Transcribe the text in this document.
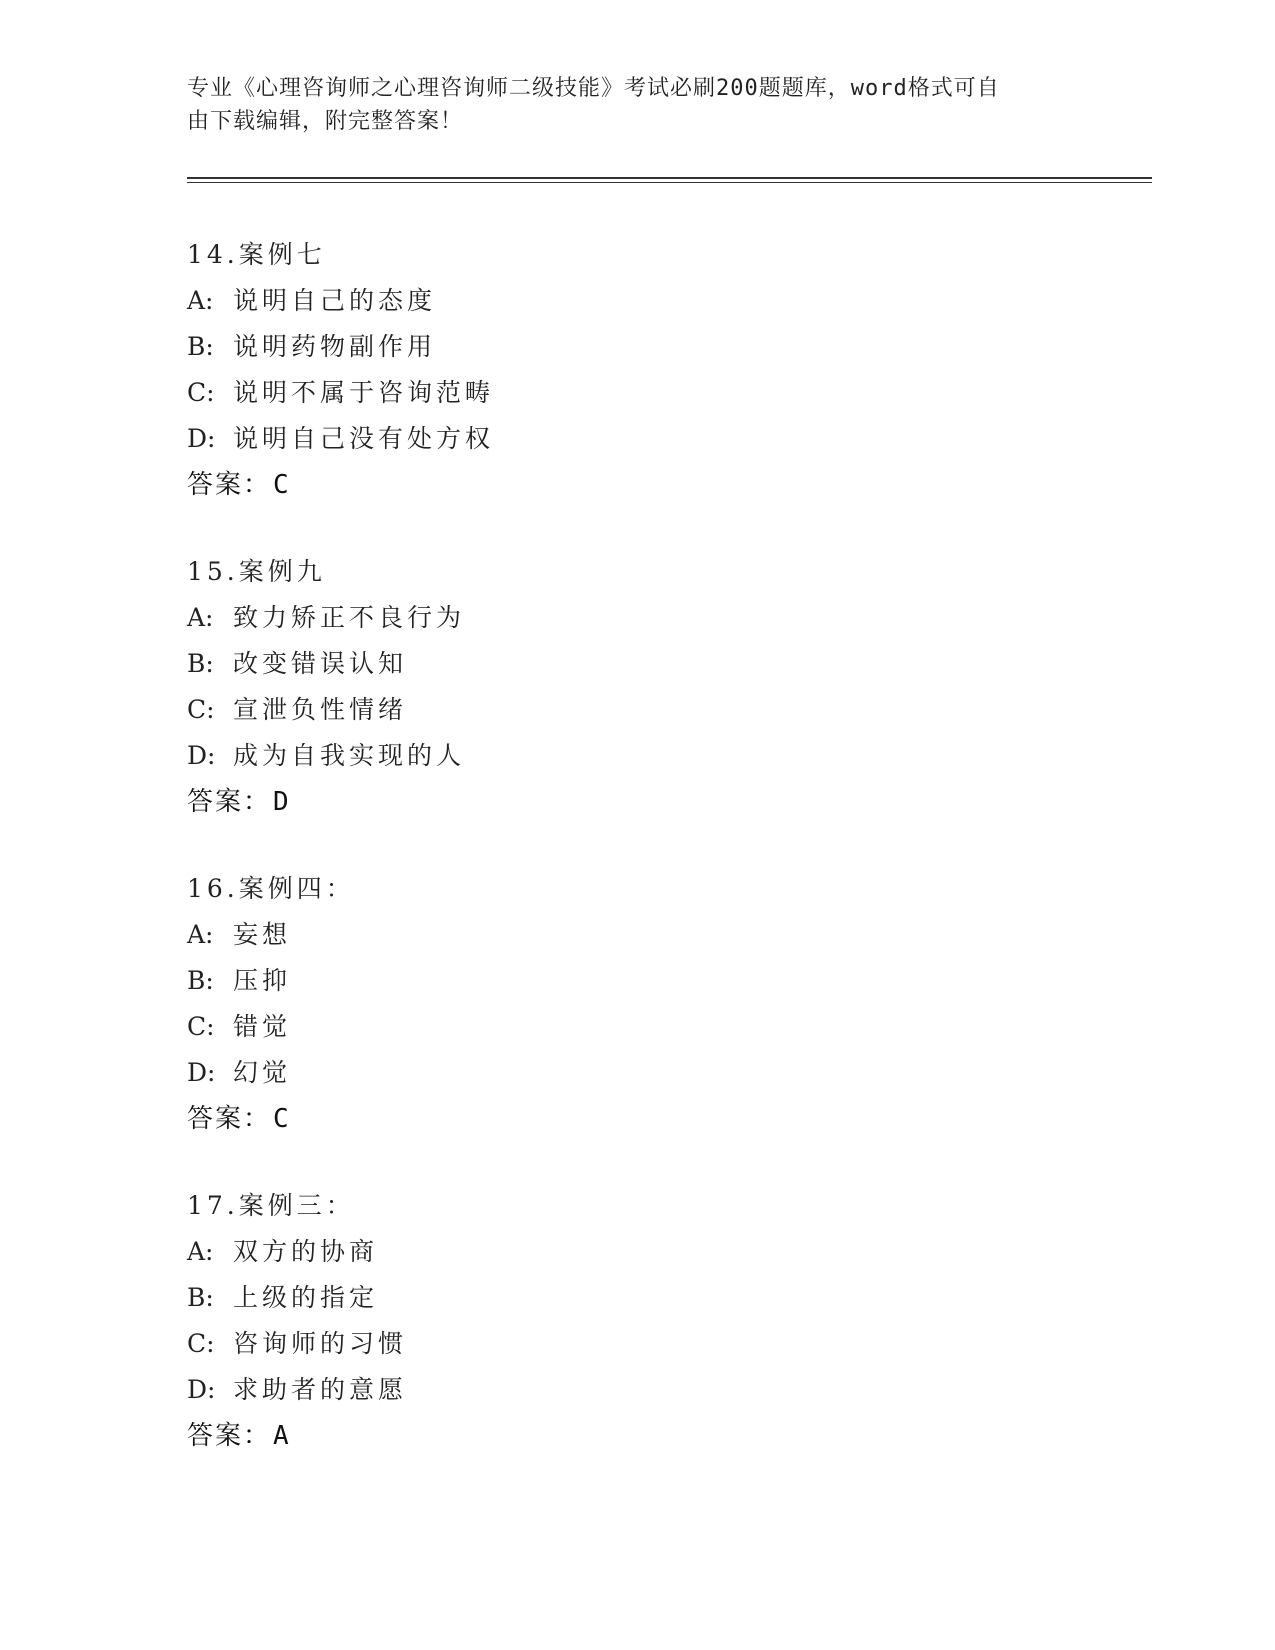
专业《心理咨询师之心理咨询师二级技能》考试必刷200题题库，word格式可自
由下载编辑，附完整答案！
14.案例七
A: 说明自己的态度
B: 说明药物副作用
C: 说明不属于咨询范畴
D: 说明自己没有处方权
答案：C
15.案例九
A: 致力矫正不良行为
B: 改变错误认知
C: 宣泄负性情绪
D: 成为自我实现的人
答案：D
16.案例四：
A: 妄想
B: 压抑
C: 错觉
D: 幻觉
答案：C
17.案例三：
A: 双方的协商
B: 上级的指定
C: 咨询师的习惯
D: 求助者的意愿
答案：A
